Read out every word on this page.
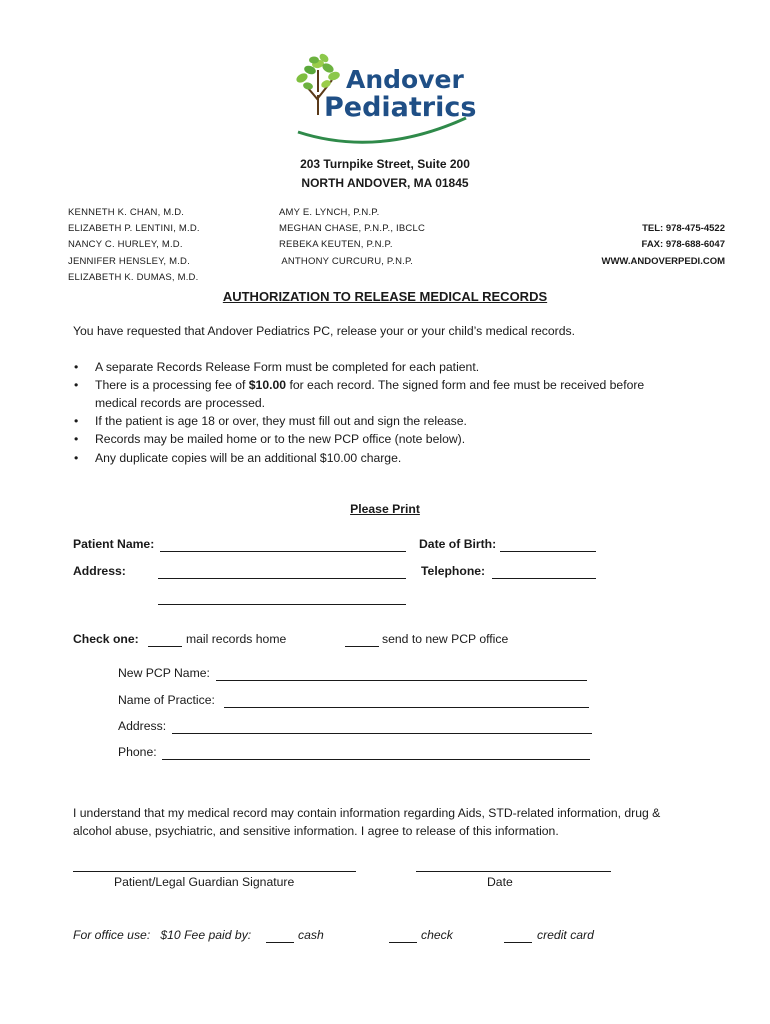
Andover
Pediatrics
203 Turnpike Street, Suite 200
NORTH ANDOVER, MA 01845
KENNETH K. CHAN, M.D.
ELIZABETH P. LENTINI, M.D.
NANCY C. HURLEY, M.D.
JENNIFER HENSLEY, M.D.
ELIZABETH K. DUMAS, M.D.
AMY E. LYNCH, P.N.P.
MEGHAN CHASE, P.N.P., IBCLC
REBEKA KEUTEN, P.N.P.
ANTHONY CURCURU, P.N.P.
TEL: 978-475-4522
FAX: 978-688-6047
WWW.ANDOVERPEDI.COM
AUTHORIZATION TO RELEASE MEDICAL RECORDS
You have requested that Andover Pediatrics PC, release your or your child’s medical records.
• A separate Records Release Form must be completed for each patient.
• There is a processing fee of $10.00 for each record. The signed form and fee must be received before
medical records are processed.
• If the patient is age 18 or over, they must fill out and sign the release.
• Records may be mailed home or to the new PCP office (note below).
• Any duplicate copies will be an additional $10.00 charge.
Please Print
Patient Name:	Date of Birth:
Address:	Telephone:
Check one:	mail records home	send to new PCP office
New PCP Name:
Name of Practice:
Address:
Phone:
I understand that my medical record may contain information regarding Aids, STD-related information, drug &
alcohol abuse, psychiatric, and sensitive information. I agree to release of this information.
Patient/Legal Guardian Signature	Date
For office use:   $10 Fee paid by:	cash	check	credit card
